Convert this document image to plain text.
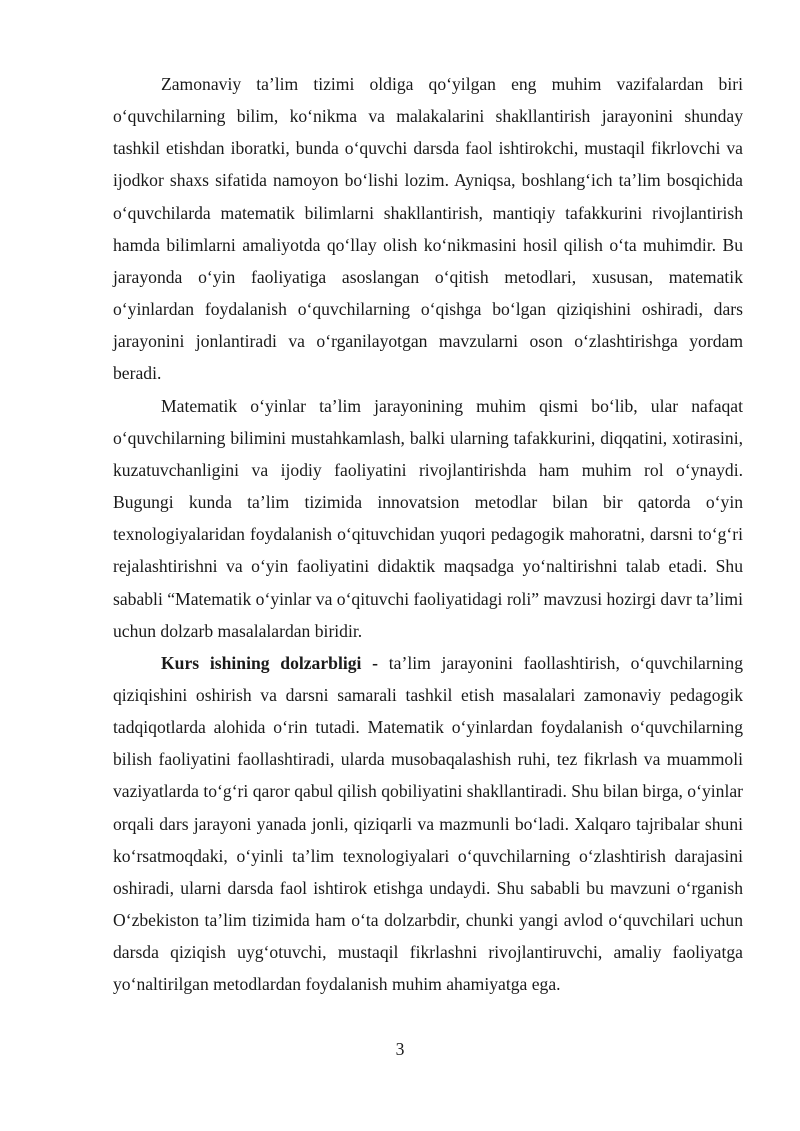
Zamonaviy ta’lim tizimi oldiga qo‘yilgan eng muhim vazifalardan biri o‘quvchilarning bilim, ko‘nikma va malakalarini shakllantirish jarayonini shunday tashkil etishdan iboratki, bunda o‘quvchi darsda faol ishtirokchi, mustaqil fikrlovchi va ijodkor shaxs sifatida namoyon bo‘lishi lozim. Ayniqsa, boshlang‘ich ta’lim bosqichida o‘quvchilarda matematik bilimlarni shakllantirish, mantiqiy tafakkurini rivojlantirish hamda bilimlarni amaliyotda qo‘llay olish ko‘nikmasini hosil qilish o‘ta muhimdir. Bu jarayonda o‘yin faoliyatiga asoslangan o‘qitish metodlari, xususan, matematik o‘yinlardan foydalanish o‘quvchilarning o‘qishga bo‘lgan qiziqishini oshiradi, dars jarayonini jonlantiradi va o‘rganilayotgan mavzularni oson o‘zlashtirishga yordam beradi.

Matematik o‘yinlar ta’lim jarayonining muhim qismi bo‘lib, ular nafaqat o‘quvchilarning bilimini mustahkamlash, balki ularning tafakkurini, diqqatini, xotirasini, kuzatuvchanligini va ijodiy faoliyatini rivojlantirishda ham muhim rol o‘ynaydi. Bugungi kunda ta’lim tizimida innovatsion metodlar bilan bir qatorda o‘yin texnologiyalaridan foydalanish o‘qituvchidan yuqori pedagogik mahoratni, darsni to‘g‘ri rejalashtirishni va o‘yin faoliyatini didaktik maqsadga yo‘naltirishni talab etadi. Shu sababli “Matematik o‘yinlar va o‘qituvchi faoliyatidagi roli” mavzusi hozirgi davr ta’limi uchun dolzarb masalalardan biridir.

Kurs ishining dolzarbligi - ta’lim jarayonini faollashtirish, o‘quvchilarning qiziqishini oshirish va darsni samarali tashkil etish masalalari zamonaviy pedagogik tadqiqotlarda alohida o‘rin tutadi. Matematik o‘yinlardan foydalanish o‘quvchilarning bilish faoliyatini faollashtiradi, ularda musobaqalashish ruhi, tez fikrlash va muammoli vaziyatlarda to‘g‘ri qaror qabul qilish qobiliyatini shakllantiradi. Shu bilan birga, o‘yinlar orqali dars jarayoni yanada jonli, qiziqarli va mazmunli bo‘ladi. Xalqaro tajribalar shuni ko‘rsatmoqdaki, o‘yinli ta’lim texnologiyalari o‘quvchilarning o‘zlashtirish darajasini oshiradi, ularni darsda faol ishtirok etishga undaydi. Shu sababli bu mavzuni o‘rganish O‘zbekiston ta’lim tizimida ham o‘ta dolzarbdir, chunki yangi avlod o‘quvchilari uchun darsda qiziqish uyg‘otuvchi, mustaqil fikrlashni rivojlantiruvchi, amaliy faoliyatga yo‘naltirilgan metodlardan foydalanish muhim ahamiyatga ega.

3
